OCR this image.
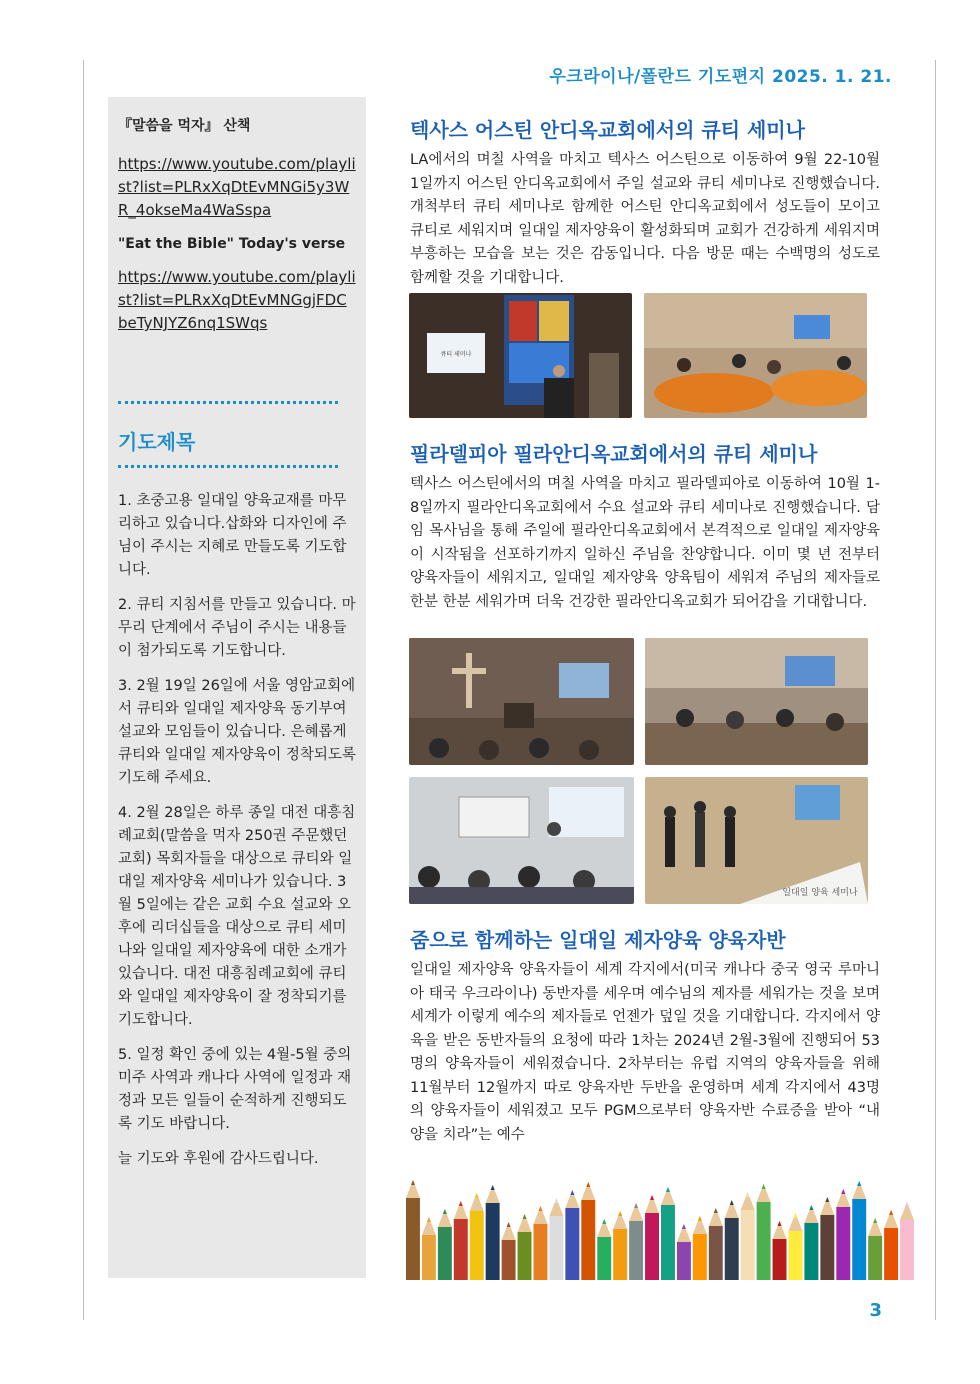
우크라이나/폴란드 기도편지 2025. 1. 21.

『말씀을 먹자』 산책

https://www.youtube.com/playlist?list=PLRxXqDtEvMNGi5y3WR_4okseMa4WaSspa

"Eat the Bible" Today's verse

https://www.youtube.com/playlist?list=PLRxXqDtEvMNGgjFDCbeTyNJYZ6nq1SWqs

기도제목

1. 초중고용 일대일 양육교재를 마무리하고 있습니다.삽화와 디자인에 주님이 주시는 지혜로 만들도록 기도합니다.

2. 큐티 지침서를 만들고 있습니다. 마무리 단계에서 주님이 주시는 내용들이 첨가되도록 기도합니다.

3. 2월 19일 26일에 서울 영암교회에서 큐티와 일대일 제자양육 동기부여 설교와 모임들이 있습니다. 은혜롭게 큐티와 일대일 제자양육이 정착되도록 기도해 주세요.

4. 2월 28일은 하루 종일 대전 대흥침례교회(말씀을 먹자 250권 주문했던 교회) 목회자들을 대상으로 큐티와 일대일 제자양육 세미나가 있습니다. 3월 5일에는 같은 교회 수요 설교와 오후에 리더십들을 대상으로 큐티 세미나와 일대일 제자양육에 대한 소개가 있습니다. 대전 대흥침례교회에 큐티와 일대일 제자양육이 잘 정착되기를 기도합니다.

5. 일정 확인 중에 있는 4월-5월 중의 미주 사역과 캐나다 사역에 일정과 재정과 모든 일들이 순적하게 진행되도록 기도 바랍니다.

늘 기도와 후원에 감사드립니다.

텍사스 어스틴 안디옥교회에서의 큐티 세미나

LA에서의 며칠 사역을 마치고 텍사스 어스틴으로 이동하여 9월 22-10월 1일까지 어스틴 안디옥교회에서 주일 설교와 큐티 세미나로 진행했습니다. 개척부터 큐티 세미나로 함께한 어스틴 안디옥교회에서 성도들이 모이고 큐티로 세워지며 일대일 제자양육이 활성화되며 교회가 건강하게 세워지며 부흥하는 모습을 보는 것은 감동입니다. 다음 방문 때는 수백명의 성도로 함께할 것을 기대합니다.

큐티 세미나
필라델피아 필라안디옥교회에서의 큐티 세미나

텍사스 어스틴에서의 며칠 사역을 마치고 필라델피아로 이동하여 10월 1-8일까지 필라안디옥교회에서 수요 설교와 큐티 세미나로 진행했습니다. 담임 목사님을 통해 주일에 필라안디옥교회에서 본격적으로 일대일 제자양육이 시작됨을 선포하기까지 일하신 주님을 찬양합니다. 이미 몇 년 전부터 양육자들이 세워지고, 일대일 제자양육 양육팀이 세워져 주님의 제자들로 한분 한분 세워가며 더욱 건강한 필라안디옥교회가 되어감을 기대합니다.

일대일 양육 세미나
줌으로 함께하는 일대일 제자양육 양육자반

일대일 제자양육 양육자들이 세계 각지에서(미국 캐나다 중국 영국 루마니아 태국 우크라이나) 동반자를 세우며 예수님의 제자를 세워가는 것을 보며 세계가 이렇게 예수의 제자들로 언젠가 덮일 것을 기대합니다. 각지에서 양육을 받은 동반자들의 요청에 따라 1차는 2024년 2월-3월에 진행되어 53명의 양육자들이 세워졌습니다. 2차부터는 유럽 지역의 양육자들을 위해 11월부터 12월까지 따로 양육자반 두반을 운영하며 세계 각지에서 43명의 양육자들이 세워졌고 모두 PGM으로부터 양육자반 수료증을 받아 “내 양을 치라”는 예수

3
